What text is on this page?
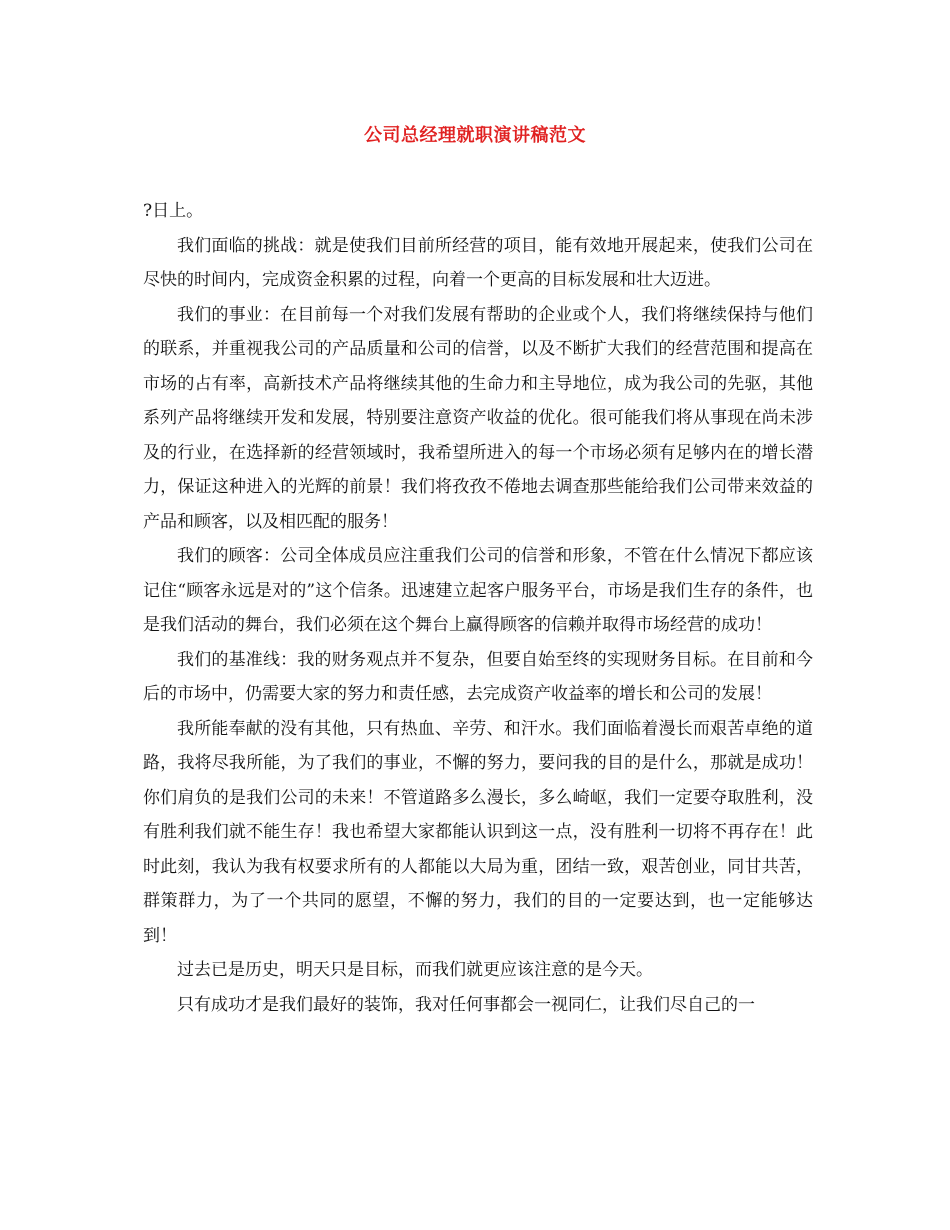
公司总经理就职演讲稿范文

?日上。

我们面临的挑战：就是使我们目前所经营的项目，能有效地开展起来，使我们公司在尽快的时间内，完成资金积累的过程，向着一个更高的目标发展和壮大迈进。

我们的事业：在目前每一个对我们发展有帮助的企业或个人，我们将继续保持与他们的联系，并重视我公司的产品质量和公司的信誉，以及不断扩大我们的经营范围和提高在市场的占有率，高新技术产品将继续其他的生命力和主导地位，成为我公司的先驱，其他系列产品将继续开发和发展，特别要注意资产收益的优化。很可能我们将从事现在尚未涉及的行业，在选择新的经营领域时，我希望所进入的每一个市场必须有足够内在的增长潜力，保证这种进入的光辉的前景！我们将孜孜不倦地去调查那些能给我们公司带来效益的产品和顾客，以及相匹配的服务！

我们的顾客：公司全体成员应注重我们公司的信誉和形象，不管在什么情况下都应该记住“顾客永远是对的”这个信条。迅速建立起客户服务平台，市场是我们生存的条件，也是我们活动的舞台，我们必须在这个舞台上赢得顾客的信赖并取得市场经营的成功！

我们的基准线：我的财务观点并不复杂，但要自始至终的实现财务目标。在目前和今后的市场中，仍需要大家的努力和责任感，去完成资产收益率的增长和公司的发展！

我所能奉献的没有其他，只有热血、辛劳、和汗水。我们面临着漫长而艰苦卓绝的道路，我将尽我所能，为了我们的事业，不懈的努力，要问我的目的是什么，那就是成功！你们肩负的是我们公司的未来！不管道路多么漫长，多么崎岖，我们一定要夺取胜利，没有胜利我们就不能生存！我也希望大家都能认识到这一点，没有胜利一切将不再存在！此时此刻，我认为我有权要求所有的人都能以大局为重，团结一致，艰苦创业，同甘共苦，群策群力，为了一个共同的愿望，不懈的努力，我们的目的一定要达到，也一定能够达到！

过去已是历史，明天只是目标，而我们就更应该注意的是今天。

只有成功才是我们最好的装饰，我对任何事都会一视同仁，让我们尽自己的一
